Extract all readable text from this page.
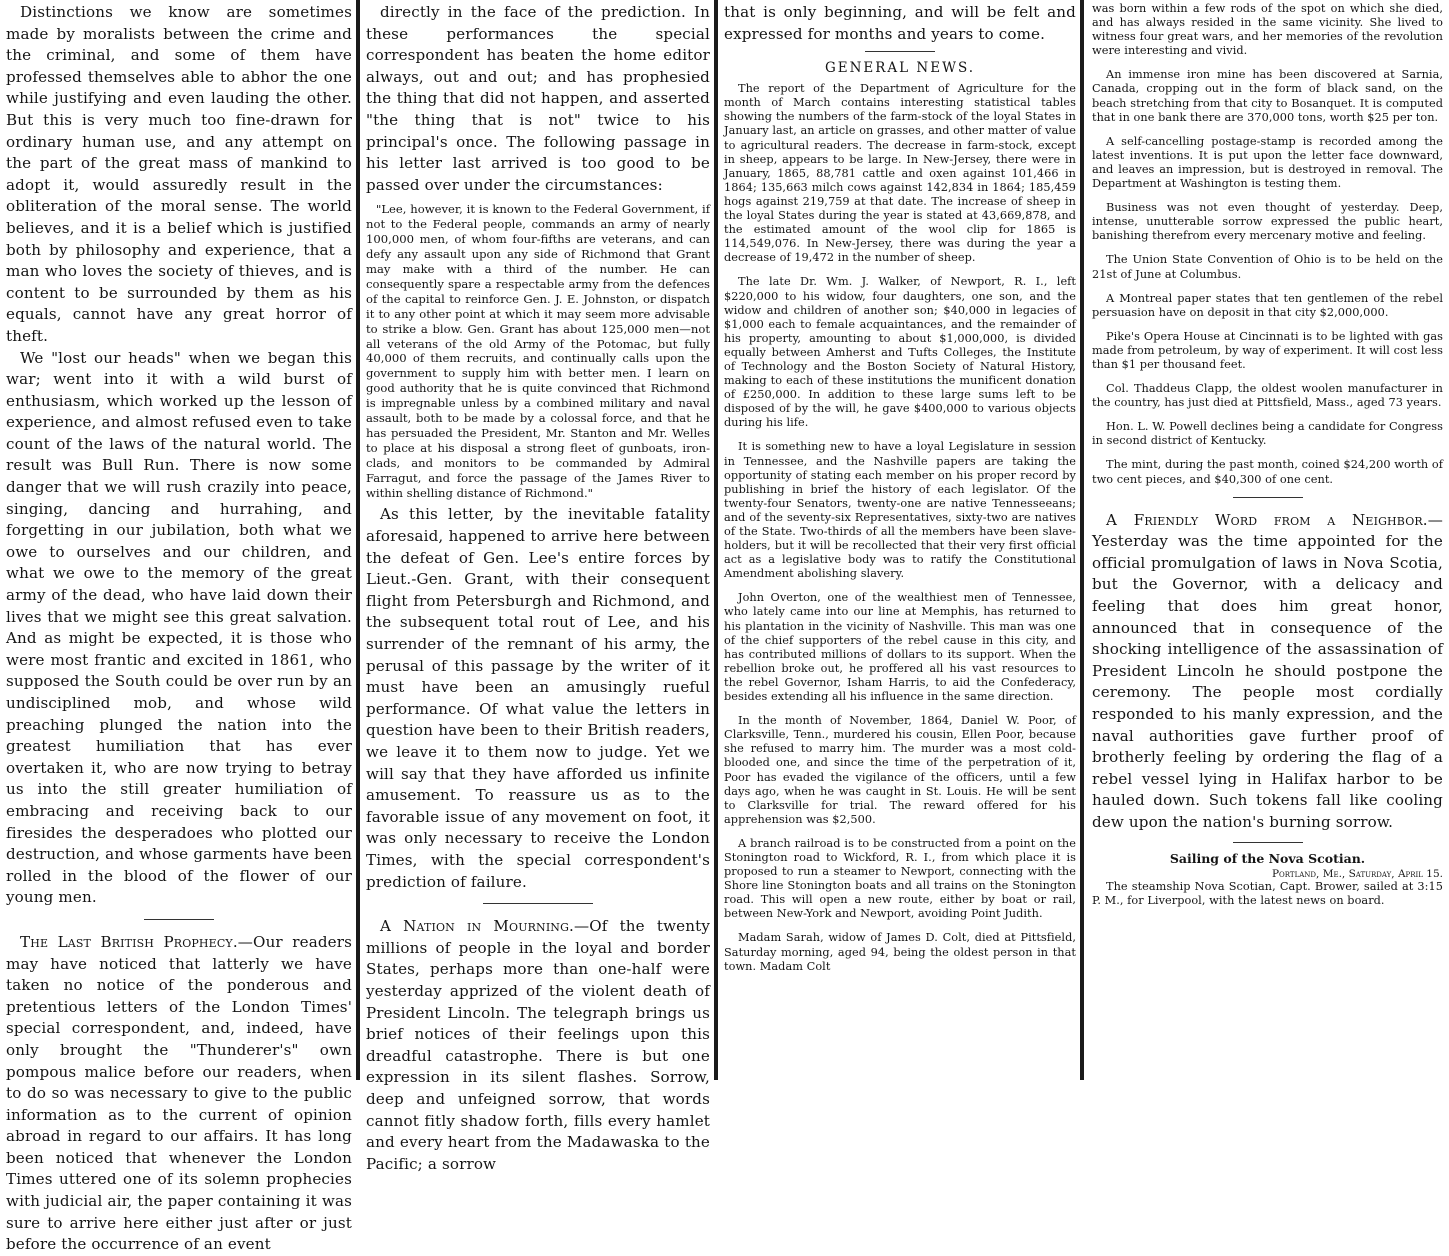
Distinctions we know are sometimes made by moralists between the crime and the criminal, and some of them have professed themselves able to abhor the one while justifying and even lauding the other. But this is very much too fine-drawn for ordinary human use, and any attempt on the part of the great mass of mankind to adopt it, would assuredly result in the obliteration of the moral sense. The world believes, and it is a belief which is justified both by philosophy and experience, that a man who loves the society of thieves, and is content to be surrounded by them as his equals, cannot have any great horror of theft.

We "lost our heads" when we began this war; went into it with a wild burst of enthusiasm, which worked up the lesson of experience, and almost refused even to take count of the laws of the natural world. The result was Bull Run. There is now some danger that we will rush crazily into peace, singing, dancing and hurrahing, and forgetting in our jubilation, both what we owe to ourselves and our children, and what we owe to the memory of the great army of the dead, who have laid down their lives that we might see this great salvation. And as might be expected, it is those who were most frantic and excited in 1861, who supposed the South could be over run by an undisciplined mob, and whose wild preaching plunged the nation into the greatest humiliation that has ever overtaken it, who are now trying to betray us into the still greater humiliation of embracing and receiving back to our firesides the desperadoes who plotted our destruction, and whose garments have been rolled in the blood of the flower of our young men.

The Last British Prophecy.—Our readers may have noticed that latterly we have taken no notice of the ponderous and pretentious letters of the London Times' special correspondent, and, indeed, have only brought the "Thunderer's" own pompous malice before our readers, when to do so was necessary to give to the public information as to the current of opinion abroad in regard to our affairs. It has long been noticed that whenever the London Times uttered one of its solemn prophecies with judicial air, the paper containing it was sure to arrive here either just after or just before the occurrence of an event

directly in the face of the prediction. In these performances the special correspondent has beaten the home editor always, out and out; and has prophesied the thing that did not happen, and asserted "the thing that is not" twice to his principal's once. The following passage in his letter last arrived is too good to be passed over under the circumstances:

"Lee, however, it is known to the Federal Government, if not to the Federal people, commands an army of nearly 100,000 men, of whom four-fifths are veterans, and can defy any assault upon any side of Richmond that Grant may make with a third of the number. He can consequently spare a respectable army from the defences of the capital to reinforce Gen. J. E. Johnston, or dispatch it to any other point at which it may seem more advisable to strike a blow. Gen. Grant has about 125,000 men—not all veterans of the old Army of the Potomac, but fully 40,000 of them recruits, and continually calls upon the government to supply him with better men. I learn on good authority that he is quite convinced that Richmond is impregnable unless by a combined military and naval assault, both to be made by a colossal force, and that he has persuaded the President, Mr. Stanton and Mr. Welles to place at his disposal a strong fleet of gunboats, iron-clads, and monitors to be commanded by Admiral Farragut, and force the passage of the James River to within shelling distance of Richmond."

As this letter, by the inevitable fatality aforesaid, happened to arrive here between the defeat of Gen. Lee's entire forces by Lieut.-Gen. Grant, with their consequent flight from Petersburgh and Richmond, and the subsequent total rout of Lee, and his surrender of the remnant of his army, the perusal of this passage by the writer of it must have been an amusingly rueful performance. Of what value the letters in question have been to their British readers, we leave it to them now to judge. Yet we will say that they have afforded us infinite amusement. To reassure us as to the favorable issue of any movement on foot, it was only necessary to receive the London Times, with the special correspondent's prediction of failure.

A Nation in Mourning.—Of the twenty millions of people in the loyal and border States, perhaps more than one-half were yesterday apprized of the violent death of President Lincoln. The telegraph brings us brief notices of their feelings upon this dreadful catastrophe. There is but one expression in its silent flashes. Sorrow, deep and unfeigned sorrow, that words cannot fitly shadow forth, fills every hamlet and every heart from the Madawaska to the Pacific; a sorrow

that is only beginning, and will be felt and expressed for months and years to come.

GENERAL NEWS.

The report of the Department of Agriculture for the month of March contains interesting statistical tables showing the numbers of the farm-stock of the loyal States in January last, an article on grasses, and other matter of value to agricultural readers. The decrease in farm-stock, except in sheep, appears to be large. In New-Jersey, there were in January, 1865, 88,781 cattle and oxen against 101,466 in 1864; 135,663 milch cows against 142,834 in 1864; 185,459 hogs against 219,759 at that date. The increase of sheep in the loyal States during the year is stated at 43,669,878, and the estimated amount of the wool clip for 1865 is 114,549,076. In New-Jersey, there was during the year a decrease of 19,472 in the number of sheep.

The late Dr. Wm. J. Walker, of Newport, R. I., left $220,000 to his widow, four daughters, one son, and the widow and children of another son; $40,000 in legacies of $1,000 each to female acquaintances, and the remainder of his property, amounting to about $1,000,000, is divided equally between Amherst and Tufts Colleges, the Institute of Technology and the Boston Society of Natural History, making to each of these institutions the munificent donation of £250,000. In addition to these large sums left to be disposed of by the will, he gave $400,000 to various objects during his life.

It is something new to have a loyal Legislature in session in Tennessee, and the Nashville papers are taking the opportunity of stating each member on his proper record by publishing in brief the history of each legislator. Of the twenty-four Senators, twenty-one are native Tennesseeans; and of the seventy-six Representatives, sixty-two are natives of the State. Two-thirds of all the members have been slave-holders, but it will be recollected that their very first official act as a legislative body was to ratify the Constitutional Amendment abolishing slavery.

John Overton, one of the wealthiest men of Tennessee, who lately came into our line at Memphis, has returned to his plantation in the vicinity of Nashville. This man was one of the chief supporters of the rebel cause in this city, and has contributed millions of dollars to its support. When the rebellion broke out, he proffered all his vast resources to the rebel Governor, Isham Harris, to aid the Confederacy, besides extending all his influence in the same direction.

In the month of November, 1864, Daniel W. Poor, of Clarksville, Tenn., murdered his cousin, Ellen Poor, because she refused to marry him. The murder was a most cold-blooded one, and since the time of the perpetration of it, Poor has evaded the vigilance of the officers, until a few days ago, when he was caught in St. Louis. He will be sent to Clarksville for trial. The reward offered for his apprehension was $2,500.

A branch railroad is to be constructed from a point on the Stonington road to Wickford, R. I., from which place it is proposed to run a steamer to Newport, connecting with the Shore line Stonington boats and all trains on the Stonington road. This will open a new route, either by boat or rail, between New-York and Newport, avoiding Point Judith.

Madam Sarah, widow of James D. Colt, died at Pittsfield, Saturday morning, aged 94, being the oldest person in that town. Madam Colt

was born within a few rods of the spot on which she died, and has always resided in the same vicinity. She lived to witness four great wars, and her memories of the revolution were interesting and vivid.

An immense iron mine has been discovered at Sarnia, Canada, cropping out in the form of black sand, on the beach stretching from that city to Bosanquet. It is computed that in one bank there are 370,000 tons, worth $25 per ton.

A self-cancelling postage-stamp is recorded among the latest inventions. It is put upon the letter face downward, and leaves an impression, but is destroyed in removal. The Department at Washington is testing them.

Business was not even thought of yesterday. Deep, intense, unutterable sorrow expressed the public heart, banishing therefrom every mercenary motive and feeling.

The Union State Convention of Ohio is to be held on the 21st of June at Columbus.

A Montreal paper states that ten gentlemen of the rebel persuasion have on deposit in that city $2,000,000.

Pike's Opera House at Cincinnati is to be lighted with gas made from petroleum, by way of experiment. It will cost less than $1 per thousand feet.

Col. Thaddeus Clapp, the oldest woolen manufacturer in the country, has just died at Pittsfield, Mass., aged 73 years.

Hon. L. W. Powell declines being a candidate for Congress in second district of Kentucky.

The mint, during the past month, coined $24,200 worth of two cent pieces, and $40,300 of one cent.

A Friendly Word from a Neighbor.—Yesterday was the time appointed for the official promulgation of laws in Nova Scotia, but the Governor, with a delicacy and feeling that does him great honor, announced that in consequence of the shocking intelligence of the assassination of President Lincoln he should postpone the ceremony. The people most cordially responded to his manly expression, and the naval authorities gave further proof of brotherly feeling by ordering the flag of a rebel vessel lying in Halifax harbor to be hauled down. Such tokens fall like cooling dew upon the nation's burning sorrow.

Sailing of the Nova Scotian.

Portland, Me., Saturday, April 15.

The steamship Nova Scotian, Capt. Brower, sailed at 3:15 P. M., for Liverpool, with the latest news on board.
